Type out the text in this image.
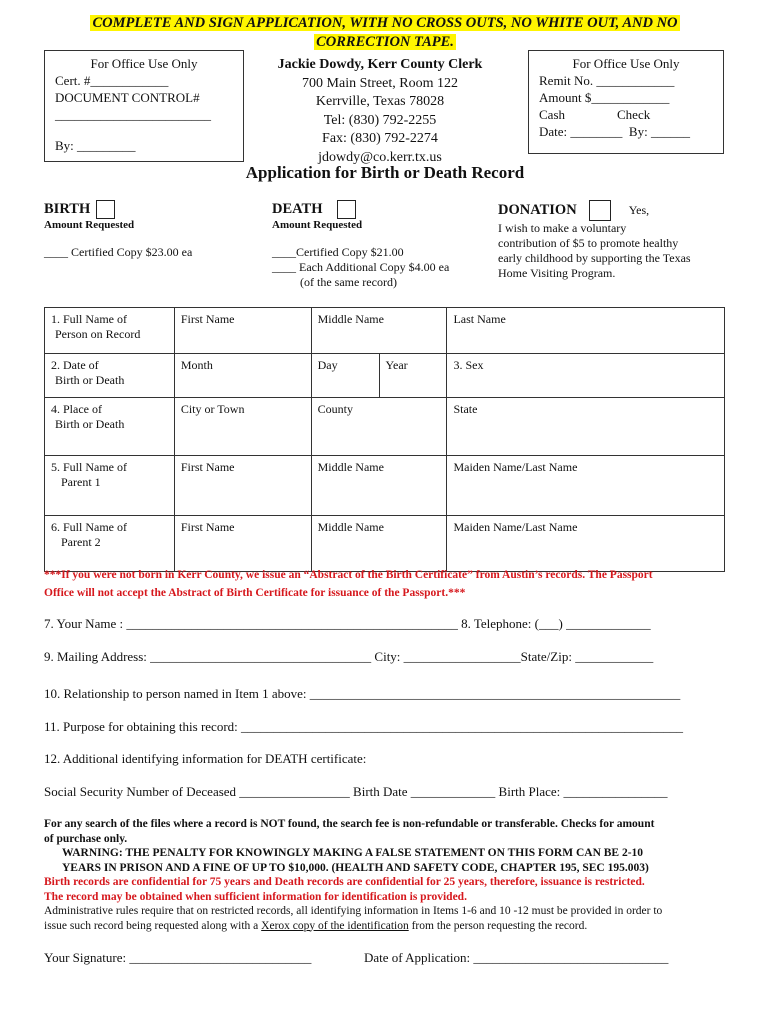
COMPLETE AND SIGN APPLICATION, WITH NO CROSS OUTS, NO WHITE OUT, AND NO
CORRECTION TAPE.
For Office Use Only
Cert. #____________
DOCUMENT CONTROL#
________________________
By: _________
Jackie Dowdy, Kerr County Clerk
700 Main Street, Room 122
Kerrville, Texas 78028
Tel: (830) 792-2255
Fax: (830) 792-2274
jdowdy@co.kerr.tx.us
For Office Use Only
Remit No. ____________
Amount $____________
Cash	Check
Date: ________ By: ______
Application for Birth or Death Record
BIRTH
Amount Requested
____ Certified Copy $23.00 ea
DEATH
Amount Requested
____Certified Copy $21.00
____ Each Additional Copy $4.00 ea
(of the same record)
DONATION	Yes,
I wish to make a voluntary
contribution of $5 to promote healthy
early childhood by supporting the Texas
Home Visiting Program.
1. Full Name of
Person on Record	First Name	Middle Name		Last Name
2. Date of
Birth or Death	Month	Day	Year	3. Sex
4. Place of
Birth or Death	City or Town	County		State
5. Full Name of
Parent 1	First Name	Middle Name		Maiden Name/Last Name
6. Full Name of
Parent 2	First Name	Middle Name		Maiden Name/Last Name
***If you were not born in Kerr County, we issue an “Abstract of the Birth Certificate” from Austin’s records. The Passport
Office will not accept the Abstract of Birth Certificate for issuance of the Passport.***
7. Your Name : ___________________________________________________ 8. Telephone: (___) _____________
9. Mailing Address: __________________________________ City: __________________State/Zip: ____________
10. Relationship to person named in Item 1 above: _________________________________________________________
11. Purpose for obtaining this record: ____________________________________________________________________
12. Additional identifying information for DEATH certificate:
Social Security Number of Deceased _________________ Birth Date _____________ Birth Place: ________________
For any search of the files where a record is NOT found, the search fee is non-refundable or transferable. Checks for amount
of purchase only.
WARNING: THE PENALTY FOR KNOWINGLY MAKING A FALSE STATEMENT ON THIS FORM CAN BE 2-10
YEARS IN PRISON AND A FINE OF UP TO $10,000. (HEALTH AND SAFETY CODE, CHAPTER 195, SEC 195.003)
Birth records are confidential for 75 years and Death records are confidential for 25 years, therefore, issuance is restricted.
The record may be obtained when sufficient information for identification is provided.
Administrative rules require that on restricted records, all identifying information in Items 1-6 and 10 -12 must be provided in order to
issue such record being requested along with a Xerox copy of the identification from the person requesting the record.
Your Signature: ____________________________	Date of Application: ______________________________
